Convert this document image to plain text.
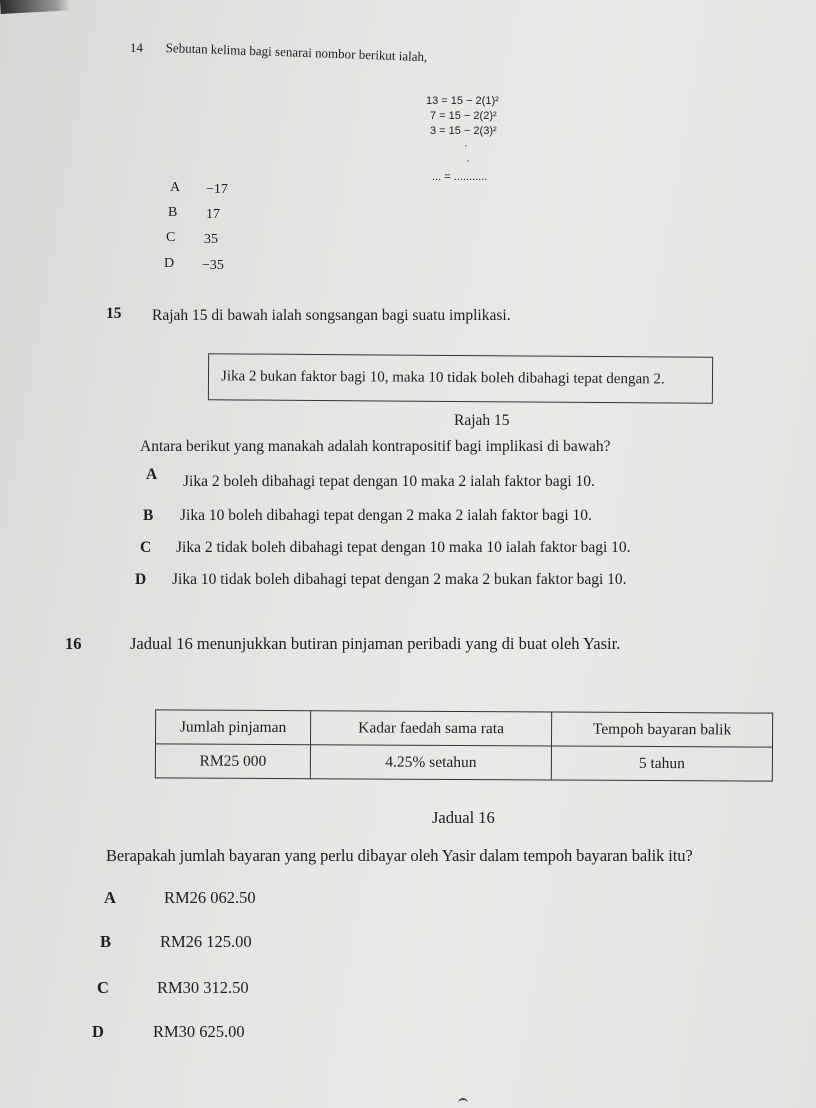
14 Sebutan kelima bagi senarai nombor berikut ialah,
13 = 15 − 2(1)²
7 = 15 − 2(2)²
3 = 15 − 2(3)²
·
·
... = ...........
A −17
B 17
C 35
D −35
15 Rajah 15 di bawah ialah songsangan bagi suatu implikasi.
Jika 2 bukan faktor bagi 10, maka 10 tidak boleh dibahagi tepat dengan 2.
Rajah 15
Antara berikut yang manakah adalah kontrapositif bagi implikasi di bawah?
A Jika 2 boleh dibahagi tepat dengan 10 maka 2 ialah faktor bagi 10.
B Jika 10 boleh dibahagi tepat dengan 2 maka 2 ialah faktor bagi 10.
C Jika 2 tidak boleh dibahagi tepat dengan 10 maka 10 ialah faktor bagi 10.
D Jika 10 tidak boleh dibahagi tepat dengan 2 maka 2 bukan faktor bagi 10.
16	Jadual 16 menunjukkan butiran pinjaman peribadi yang di buat oleh Yasir.
Jumlah pinjaman	Kadar faedah sama rata	Tempoh bayaran balik
RM25 000	4.25% setahun	5 tahun
Jadual 16
Berapakah jumlah bayaran yang perlu dibayar oleh Yasir dalam tempoh bayaran balik itu?
A	RM26 062.50
B	RM26 125.00
C	RM30 312.50
D	RM30 625.00
